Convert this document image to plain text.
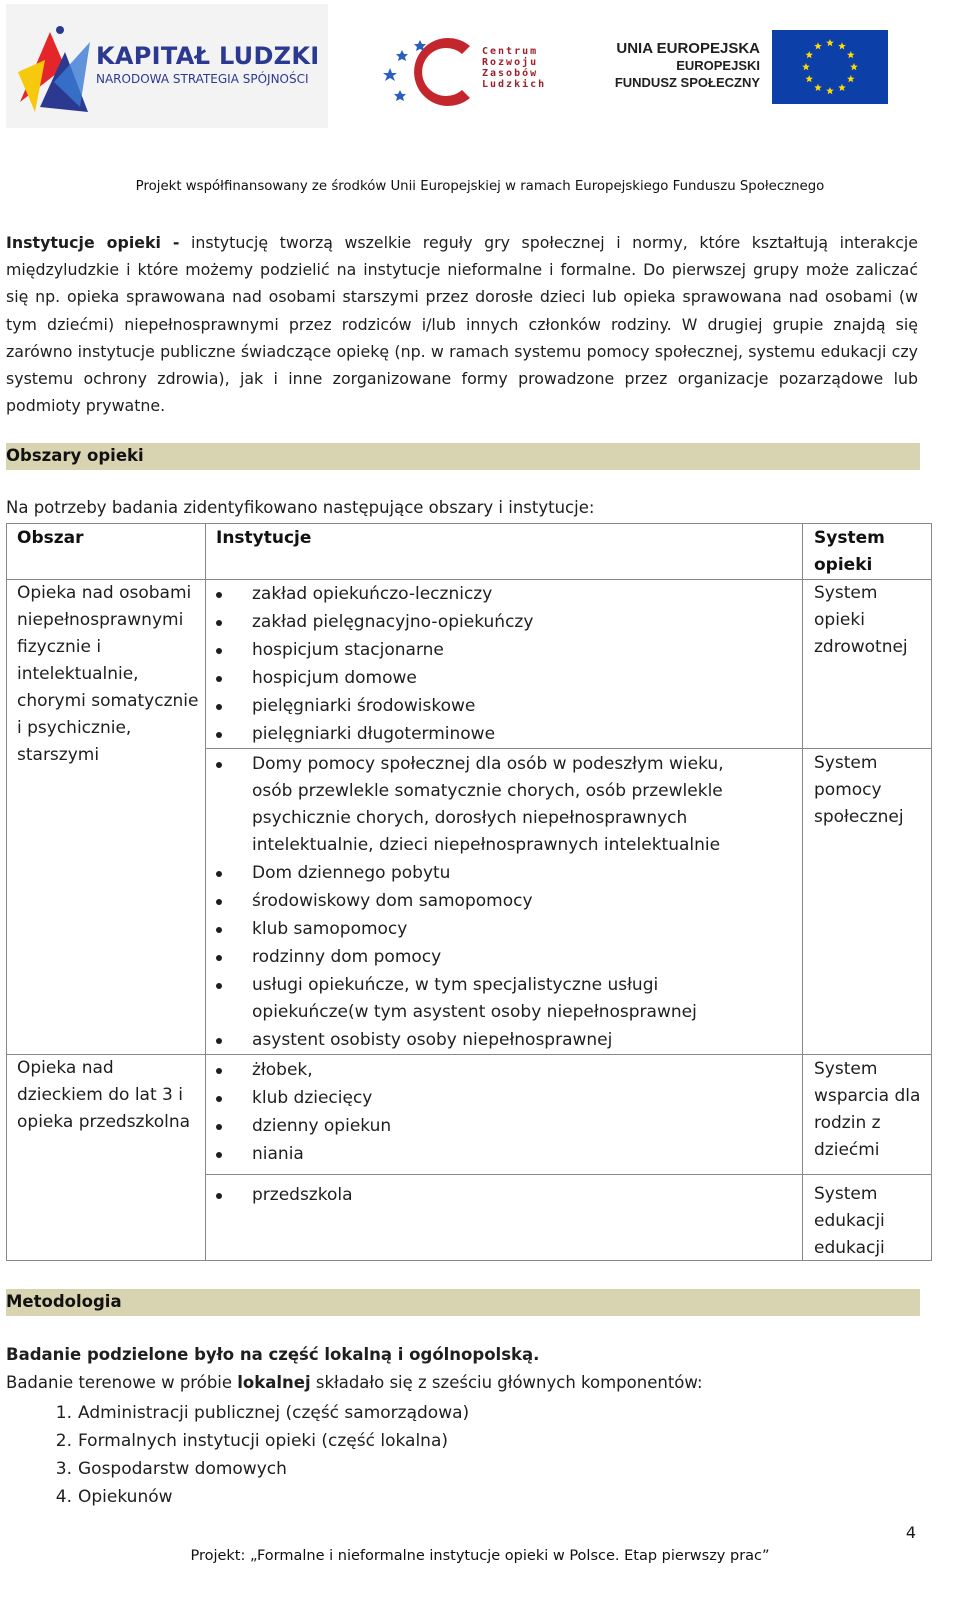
KAPITAŁ LUDZKI
NARODOWA STRATEGIA SPÓJNOŚCI
Centrum
Rozwoju
Zasobów
Ludzkich
UNIA EUROPEJSKA
EUROPEJSKI
FUNDUSZ SPOŁECZNY
Projekt współfinansowany ze środków Unii Europejskiej w ramach Europejskiego Funduszu Społecznego
Instytucje opieki - instytucję tworzą wszelkie reguły gry społecznej i normy, które kształtują interakcje międzyludzkie i które możemy podzielić na instytucje nieformalne i formalne. Do pierwszej grupy może zaliczać się np. opieka sprawowana nad osobami starszymi przez dorosłe dzieci lub opieka sprawowana nad osobami (w tym dziećmi) niepełnosprawnymi przez rodziców i/lub innych członków rodziny. W drugiej grupie znajdą się zarówno instytucje publiczne świadczące opiekę (np. w ramach systemu pomocy społecznej, systemu edukacji czy systemu ochrony zdrowia), jak i inne zorganizowane formy prowadzone przez organizacje pozarządowe lub podmioty prywatne.
Obszary opieki
Na potrzeby badania zidentyfikowano następujące obszary i instytucje:
Obszar	Instytucje	System opieki
Opieka nad osobami niepełnosprawnymi fizycznie i intelektualnie, chorymi somatycznie i psychicznie, starszymi
Opieka nad dzieckiem do lat 3 i opieka przedszkolna
zakład opiekuńczo-leczniczy
zakład pielęgnacyjno-opiekuńczy
hospicjum stacjonarne
hospicjum domowe
pielęgniarki środowiskowe
pielęgniarki długoterminowe
Domy pomocy społecznej dla osób w podeszłym wieku, osób przewlekle somatycznie chorych, osób przewlekle psychicznie chorych, dorosłych niepełnosprawnych intelektualnie, dzieci niepełnosprawnych intelektualnie
Dom dziennego pobytu
środowiskowy dom samopomocy
klub samopomocy
rodzinny dom pomocy
usługi opiekuńcze, w tym specjalistyczne usługi opiekuńcze(w tym asystent osoby niepełnosprawnej
asystent osobisty osoby niepełnosprawnej
żłobek,
klub dziecięcy
dzienny opiekun
niania
przedszkola
System opieki zdrowotnej
System pomocy społecznej
System wsparcia dla rodzin z dziećmi
System edukacji edukacji
Metodologia
Badanie podzielone było na część lokalną i ogólnopolską.
Badanie terenowe w próbie lokalnej składało się z sześciu głównych komponentów:
1. Administracji publicznej (część samorządowa)
2. Formalnych instytucji opieki (część lokalna)
3. Gospodarstw domowych
4. Opiekunów
4
Projekt: „Formalne i nieformalne instytucje opieki w Polsce. Etap pierwszy prac”
